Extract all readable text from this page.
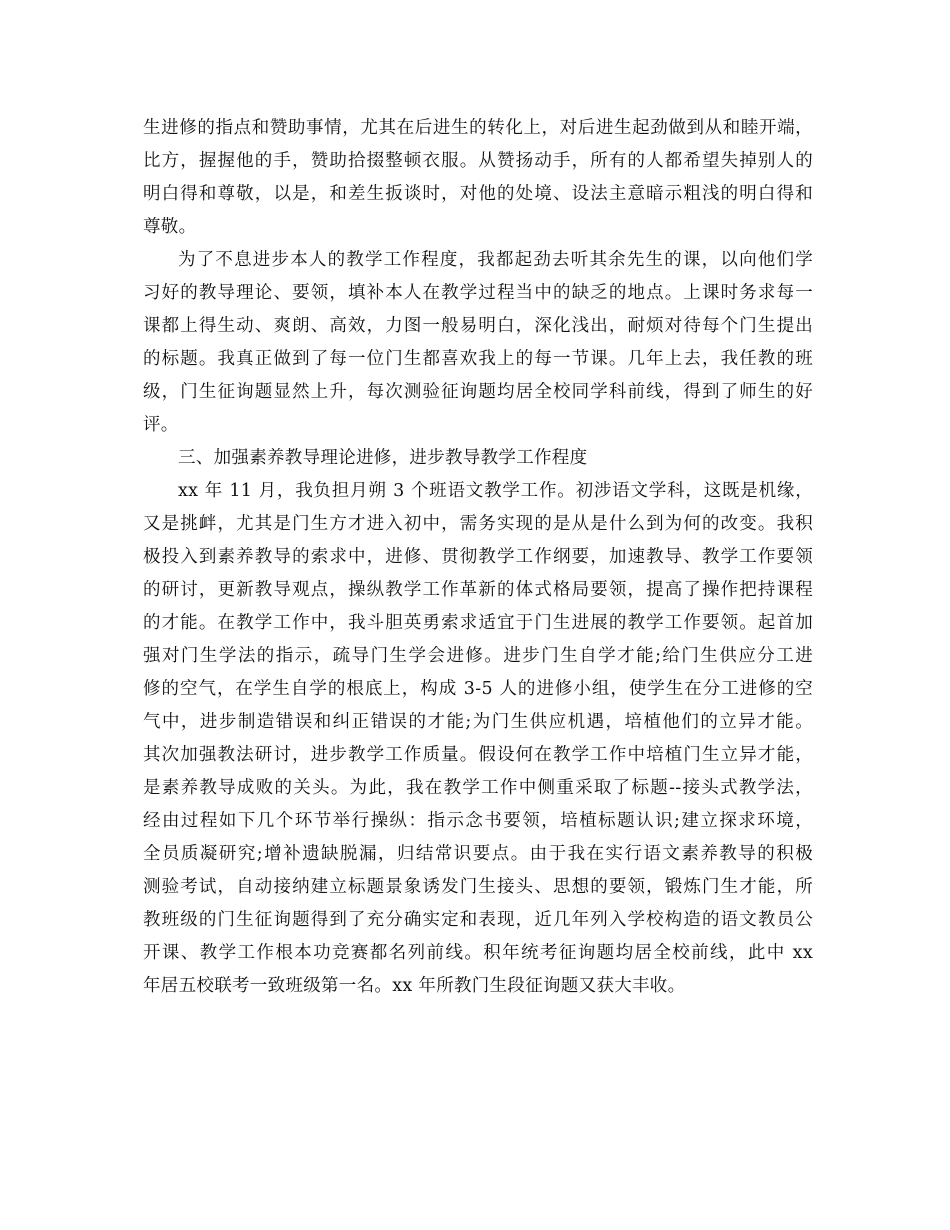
生进修的指点和赞助事情，尤其在后进生的转化上，对后进生起劲做到从和睦开端，
比方，握握他的手，赞助拾掇整顿衣服。从赞扬动手，所有的人都希望失掉别人的
明白得和尊敬，以是，和差生扳谈时，对他的处境、设法主意暗示粗浅的明白得和
尊敬。
为了不息进步本人的教学工作程度，我都起劲去听其余先生的课，以向他们学
习好的教导理论、要领，填补本人在教学过程当中的缺乏的地点。上课时务求每一
课都上得生动、爽朗、高效，力图一般易明白，深化浅出，耐烦对待每个门生提出
的标题。我真正做到了每一位门生都喜欢我上的每一节课。几年上去，我任教的班
级，门生征询题显然上升，每次测验征询题均居全校同学科前线，得到了师生的好
评。
三、加强素养教导理论进修，进步教导教学工作程度
xx 年 11 月，我负担月朔 3 个班语文教学工作。初涉语文学科，这既是机缘，
又是挑衅，尤其是门生方才进入初中，需务实现的是从是什么到为何的改变。我积
极投入到素养教导的索求中，进修、贯彻教学工作纲要，加速教导、教学工作要领
的研讨，更新教导观点，操纵教学工作革新的体式格局要领，提高了操作把持课程
的才能。在教学工作中，我斗胆英勇索求适宜于门生进展的教学工作要领。起首加
强对门生学法的指示，疏导门生学会进修。进步门生自学才能;给门生供应分工进
修的空气，在学生自学的根底上，构成 3-5 人的进修小组，使学生在分工进修的空
气中，进步制造错误和纠正错误的才能;为门生供应机遇，培植他们的立异才能。
其次加强教法研讨，进步教学工作质量。假设何在教学工作中培植门生立异才能，
是素养教导成败的关头。为此，我在教学工作中侧重采取了标题--接头式教学法，
经由过程如下几个环节举行操纵：指示念书要领，培植标题认识;建立探求环境，
全员质凝研究;增补遗缺脱漏，归结常识要点。由于我在实行语文素养教导的积极
测验考试，自动接纳建立标题景象诱发门生接头、思想的要领，锻炼门生才能，所
教班级的门生征询题得到了充分确实定和表现，近几年列入学校构造的语文教员公
开课、教学工作根本功竞赛都名列前线。积年统考征询题均居全校前线，此中 xx
年居五校联考一致班级第一名。xx 年所教门生段征询题又获大丰收。
